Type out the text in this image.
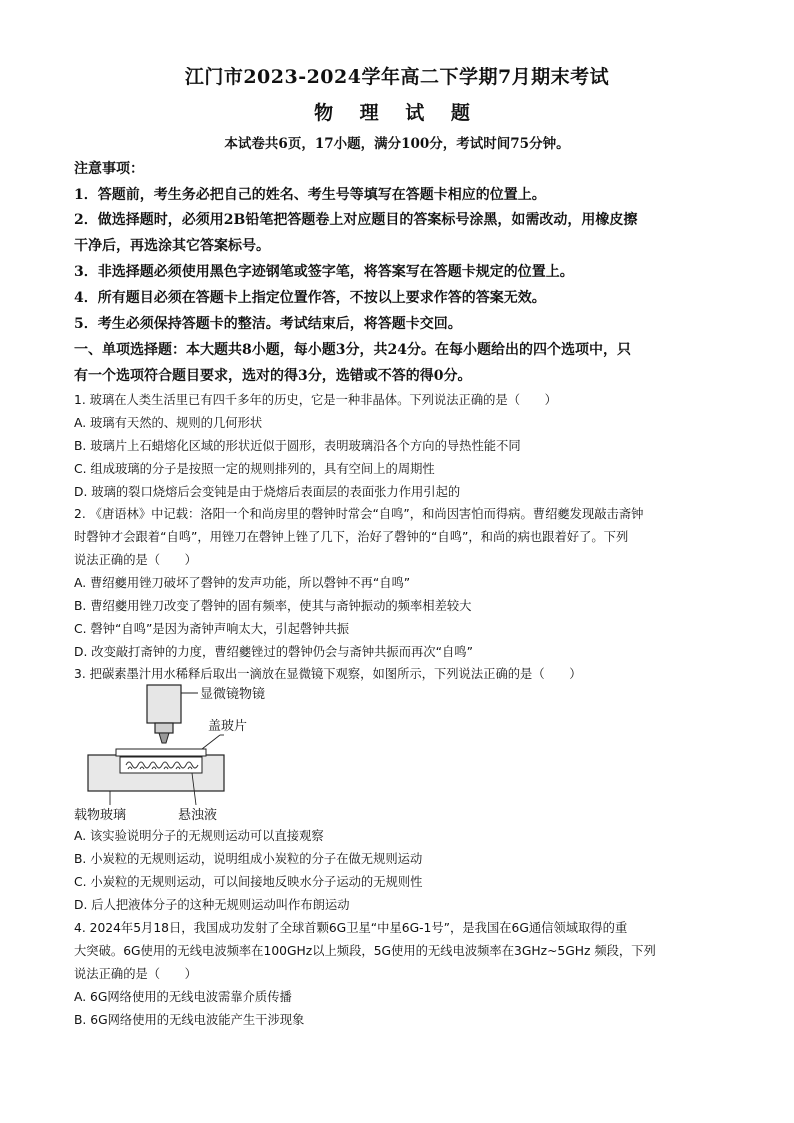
江门市2023-2024学年高二下学期7月期末考试
物 理 试 题
本试卷共6页，17小题，满分100分，考试时间75分钟。
注意事项：
1．答题前，考生务必把自己的姓名、考生号等填写在答题卡相应的位置上。
2．做选择题时，必须用2B铅笔把答题卷上对应题目的答案标号涂黑，如需改动，用橡皮擦
干净后，再选涂其它答案标号。
3．非选择题必须使用黑色字迹钢笔或签字笔，将答案写在答题卡规定的位置上。
4．所有题目必须在答题卡上指定位置作答，不按以上要求作答的答案无效。
5．考生必须保持答题卡的整洁。考试结束后，将答题卡交回。
一、单项选择题：本大题共8小题，每小题3分，共24分。在每小题给出的四个选项中，只
有一个选项符合题目要求，选对的得3分，选错或不答的得0分。
1. 玻璃在人类生活里已有四千多年的历史，它是一种非晶体。下列说法正确的是（　　）
A. 玻璃有天然的、规则的几何形状
B. 玻璃片上石蜡熔化区域的形状近似于圆形，表明玻璃沿各个方向的导热性能不同
C. 组成玻璃的分子是按照一定的规则排列的，具有空间上的周期性
D. 玻璃的裂口烧熔后会变钝是由于烧熔后表面层的表面张力作用引起的
2. 《唐语林》中记载：洛阳一个和尚房里的磬钟时常会“自鸣”，和尚因害怕而得病。曹绍夔发现敲击斋钟
时磬钟才会跟着“自鸣”，用锉刀在磬钟上锉了几下，治好了磬钟的“自鸣”，和尚的病也跟着好了。下列
说法正确的是（　　）
A. 曹绍夔用锉刀破坏了磬钟的发声功能，所以磬钟不再“自鸣”
B. 曹绍夔用锉刀改变了磬钟的固有频率，使其与斋钟振动的频率相差较大
C. 磬钟“自鸣”是因为斋钟声响太大，引起磬钟共振
D. 改变敲打斋钟的力度，曹绍夔锉过的磬钟仍会与斋钟共振而再次“自鸣”
3. 把碳素墨汁用水稀释后取出一滴放在显微镜下观察，如图所示，下列说法正确的是（　　）
显微镜物镜
盖玻片
载物玻璃	悬浊液
A. 该实验说明分子的无规则运动可以直接观察
B. 小炭粒的无规则运动，说明组成小炭粒的分子在做无规则运动
C. 小炭粒的无规则运动，可以间接地反映水分子运动的无规则性
D. 后人把液体分子的这种无规则运动叫作布朗运动
4. 2024年5月18日，我国成功发射了全球首颗6G卫星“中星6G-1号”，是我国在6G通信领域取得的重
大突破。6G使用的无线电波频率在100GHz以上频段，5G使用的无线电波频率在3GHz~5GHz 频段，下列
说法正确的是（　　）
A. 6G网络使用的无线电波需靠介质传播
B. 6G网络使用的无线电波能产生干涉现象
